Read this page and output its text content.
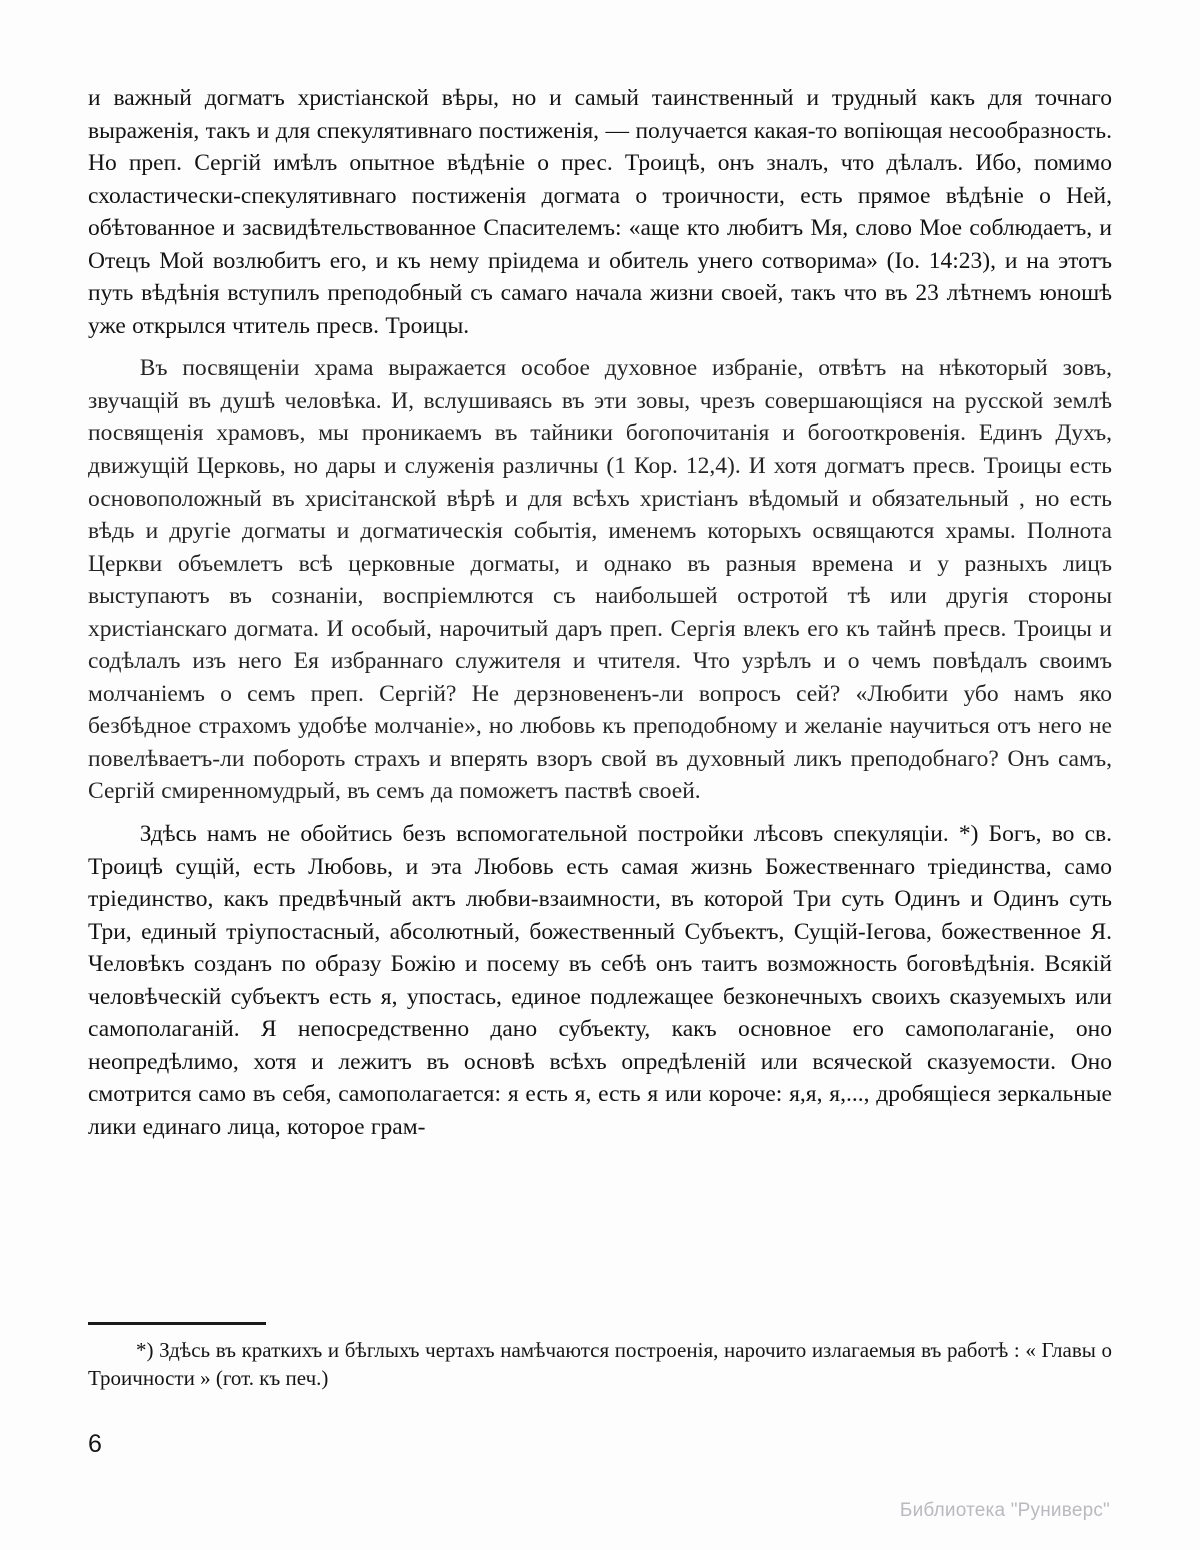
и важный догматъ христіанской вѣры, но и самый таинственный и трудный какъ для точнаго выраженія, такъ и для спекулятивнаго постиженія, — получается какая-то вопіющая несообразность. Но преп. Сергій имѣлъ опытное вѣдѣніе о прес. Троицѣ, онъ зналъ, что дѣлалъ. Ибо, помимо схоластически-спекулятивнаго постиженія догмата о троичности, есть прямое вѣдѣніе о Ней, обѣтованное и засвидѣтельствованное Спасителемъ: «аще кто любитъ Мя, слово Мое соблюдаетъ, и Отецъ Мой возлюбитъ его, и къ нему пріидема и обитель унего сотворима» (Іо. 14:23), и на этотъ путь вѣдѣнія вступилъ преподобный съ самаго начала жизни своей, такъ что въ 23 лѣтнемъ юношѣ уже открылся чтитель пресв. Троицы.

Въ посвященіи храма выражается особое духовное избраніе, отвѣтъ на нѣкоторый зовъ, звучащій въ душѣ человѣка. И, вслушиваясь въ эти зовы, чрезъ совершающіяся на русской землѣ посвященія храмовъ, мы проникаемъ въ тайники богопочитанія и богооткровенія. Единъ Духъ, движущій Церковь, но дары и служенія различны (1 Кор. 12,4). И хотя догматъ пресв. Троицы есть основоположный въ хрисітанской вѣрѣ и для всѣхъ христіанъ вѣдомый и обязательный , но есть вѣдь и другіе догматы и догматическія событія, именемъ которыхъ освящаются храмы. Полнота Церкви объемлетъ всѣ церковные догматы, и однако въ разныя времена и у разныхъ лицъ выступаютъ въ сознаніи, воспріемлются съ наибольшей остротой тѣ или другія стороны христіанскаго догмата. И особый, нарочитый даръ преп. Сергія влекъ его къ тайнѣ пресв. Троицы и содѣлалъ изъ него Ея избраннаго служителя и чтителя. Что узрѣлъ и о чемъ повѣдалъ своимъ молчаніемъ о семъ преп. Сергій? Не дерзновененъ-ли вопросъ сей? «Любити убо намъ яко безбѣдное страхомъ удобѣе молчаніе», но любовь къ преподобному и желаніе научиться отъ него не повелѣваетъ-ли побороть страхъ и вперять взоръ свой въ духовный ликъ преподобнаго? Онъ самъ, Сергій смиренномудрый, въ семъ да поможетъ паствѣ своей.

Здѣсь намъ не обойтись безъ вспомогательной постройки лѣсовъ спекуляціи. *) Богъ, во св. Троицѣ сущій, есть Любовь, и эта Любовь есть самая жизнь Божественнаго тріединства, само тріединство, какъ предвѣчный актъ любви-взаимности, въ которой Три суть Одинъ и Одинъ суть Три, единый тріупостасный, абсолютный, божественный Субъектъ, Сущій-Іегова, божественное Я. Человѣкъ созданъ по образу Божію и посему въ себѣ онъ таитъ возможность боговѣдѣнія. Всякій человѣческій субъектъ есть я, упостась, единое подлежащее безконечныхъ своихъ сказуемыхъ или самополаганій. Я непосредственно дано субъекту, какъ основное его самополаганіе, оно неопредѣлимо, хотя и лежитъ въ основѣ всѣхъ опредѣленій или всяческой сказуемости. Оно смотрится само въ себя, самополагается: я есть я, есть я или короче: я,я, я,..., дробящіеся зеркальные лики единаго лица, которое грам-

*) Здѣсь въ краткихъ и бѣглыхъ чертахъ намѣчаются построенія, нарочито излагаемыя въ работѣ : « Главы о Троичности » (гот. къ печ.)
6
Библиотека "Руниверс"
